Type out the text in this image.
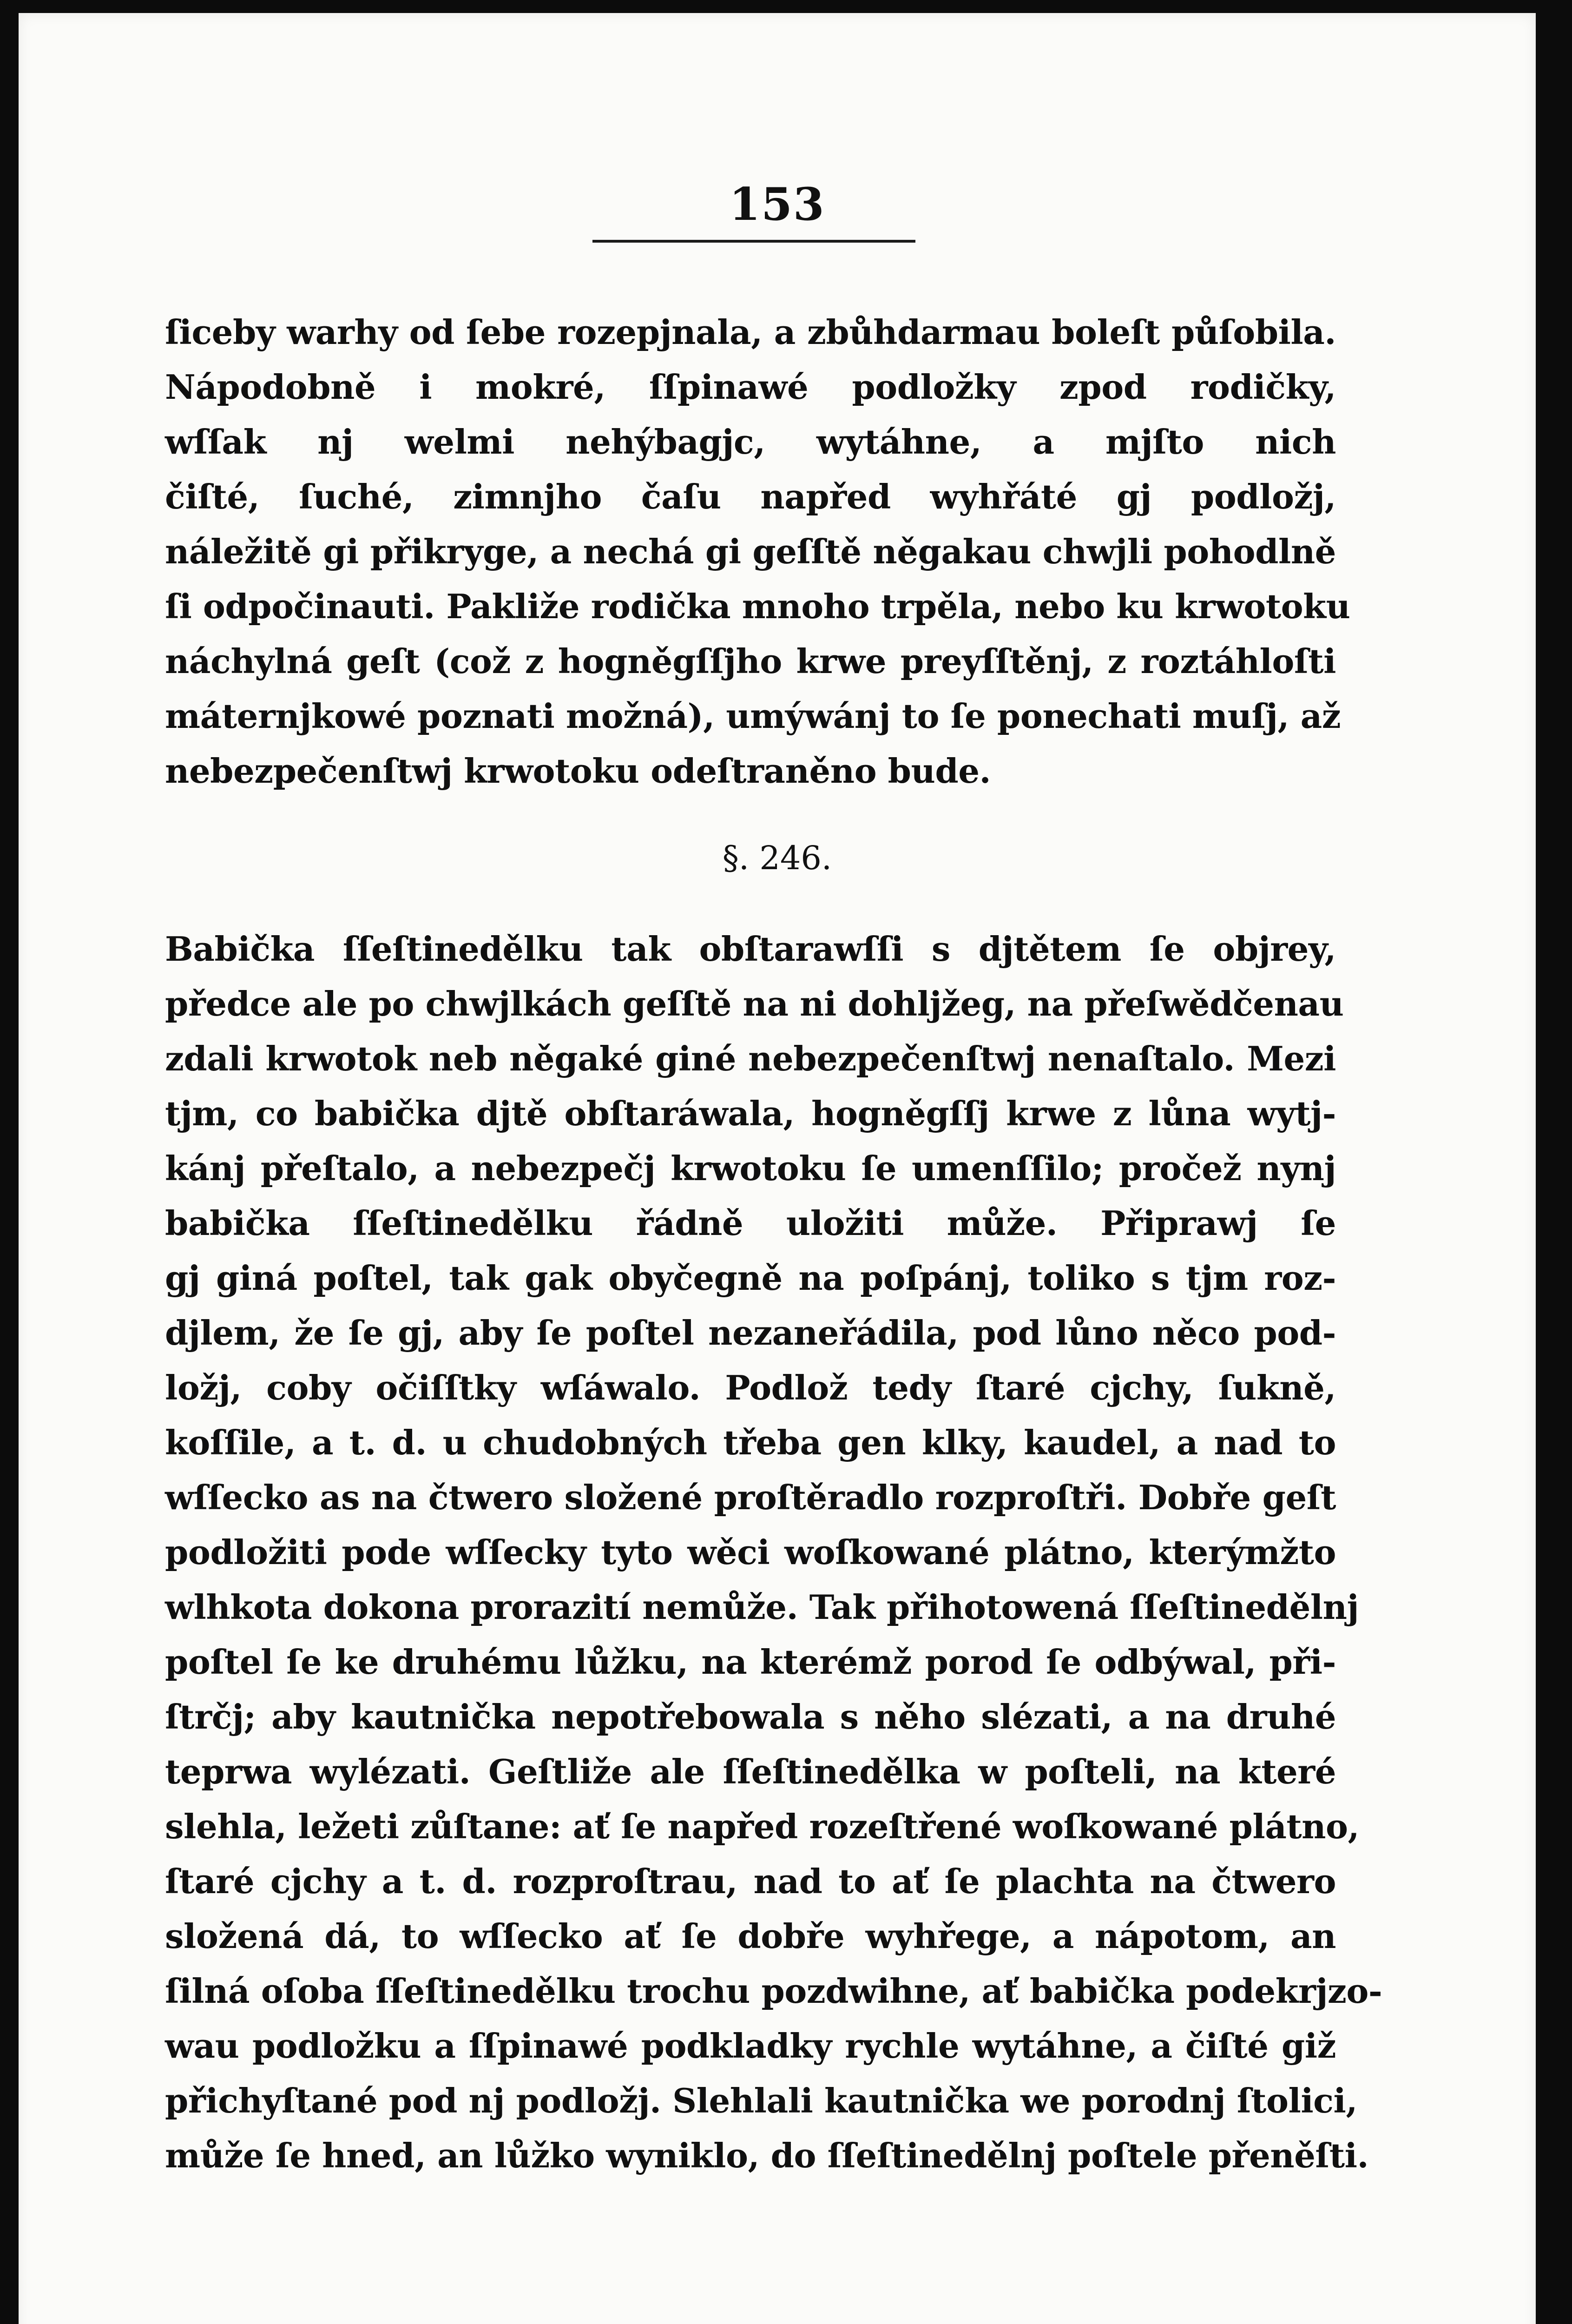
153
ſiceby warhy od ſebe rozepjnala, a zbůhdarmau boleſt půſobila.
Nápodobně i mokré, ſſpinawé podložky zpod rodičky,
wſſak nj welmi nehýbagjc, wytáhne, a mjſto nich
čiſté, ſuché, zimnjho čaſu napřed wyhřáté gj podložj,
náležitě gi přikryge, a nechá gi geſſtě něgakau chwjli pohodlně
ſi odpočinauti. Pakliže rodička mnoho trpěla, nebo ku krwotoku
náchylná geſt (což z hogněgſſjho krwe preyſſtěnj, z roztáhloſti
máternjkowé poznati možná), umýwánj to ſe ponechati muſj, až
nebezpečenſtwj krwotoku odeſtraněno bude.
§. 246.
Babička ſſeſtinedělku tak obſtarawſſi s djtětem ſe objrey,
předce ale po chwjlkách geſſtě na ni dohljžeg, na přeſwědčenau
zdali krwotok neb něgaké giné nebezpečenſtwj nenaſtalo. Mezi
tjm, co babička djtě obſtaráwala, hogněgſſj krwe z lůna wytj-
kánj přeſtalo, a nebezpečj krwotoku ſe umenſſilo; pročež nynj
babička ſſeſtinedělku řádně uložiti může. Připrawj ſe
gj giná poſtel, tak gak obyčegně na poſpánj, toliko s tjm roz-
djlem, že ſe gj, aby ſe poſtel nezaneřádila, pod lůno něco pod-
ložj, coby očiſſtky wſáwalo. Podlož tedy ſtaré cjchy, ſukně,
koſſile, a t. d. u chudobných třeba gen klky, kaudel, a nad to
wſſecko as na čtwero složené proſtěradlo rozproſtři. Dobře geſt
podložiti pode wſſecky tyto wěci woſkowané plátno, kterýmžto
wlhkota dokona prorazití nemůže. Tak přihotowená ſſeſtinedělnj
poſtel ſe ke druhému lůžku, na kterémž porod ſe odbýwal, při-
ſtrčj; aby kautnička nepotřebowala s něho slézati, a na druhé
teprwa wylézati. Geſtliže ale ſſeſtinedělka w poſteli, na které
slehla, ležeti zůſtane: ať ſe napřed rozeſtřené woſkowané plátno,
ſtaré cjchy a t. d. rozproſtrau, nad to ať ſe plachta na čtwero
složená dá, to wſſecko ať ſe dobře wyhřege, a nápotom, an
ſilná oſoba ſſeſtinedělku trochu pozdwihne, ať babička podekrjzo-
wau podložku a ſſpinawé podkladky rychle wytáhne, a čiſté giž
přichyſtané pod nj podložj. Slehlali kautnička we porodnj ſtolici,
může ſe hned, an lůžko wyniklo, do ſſeſtinedělnj poſtele přeněſti.
